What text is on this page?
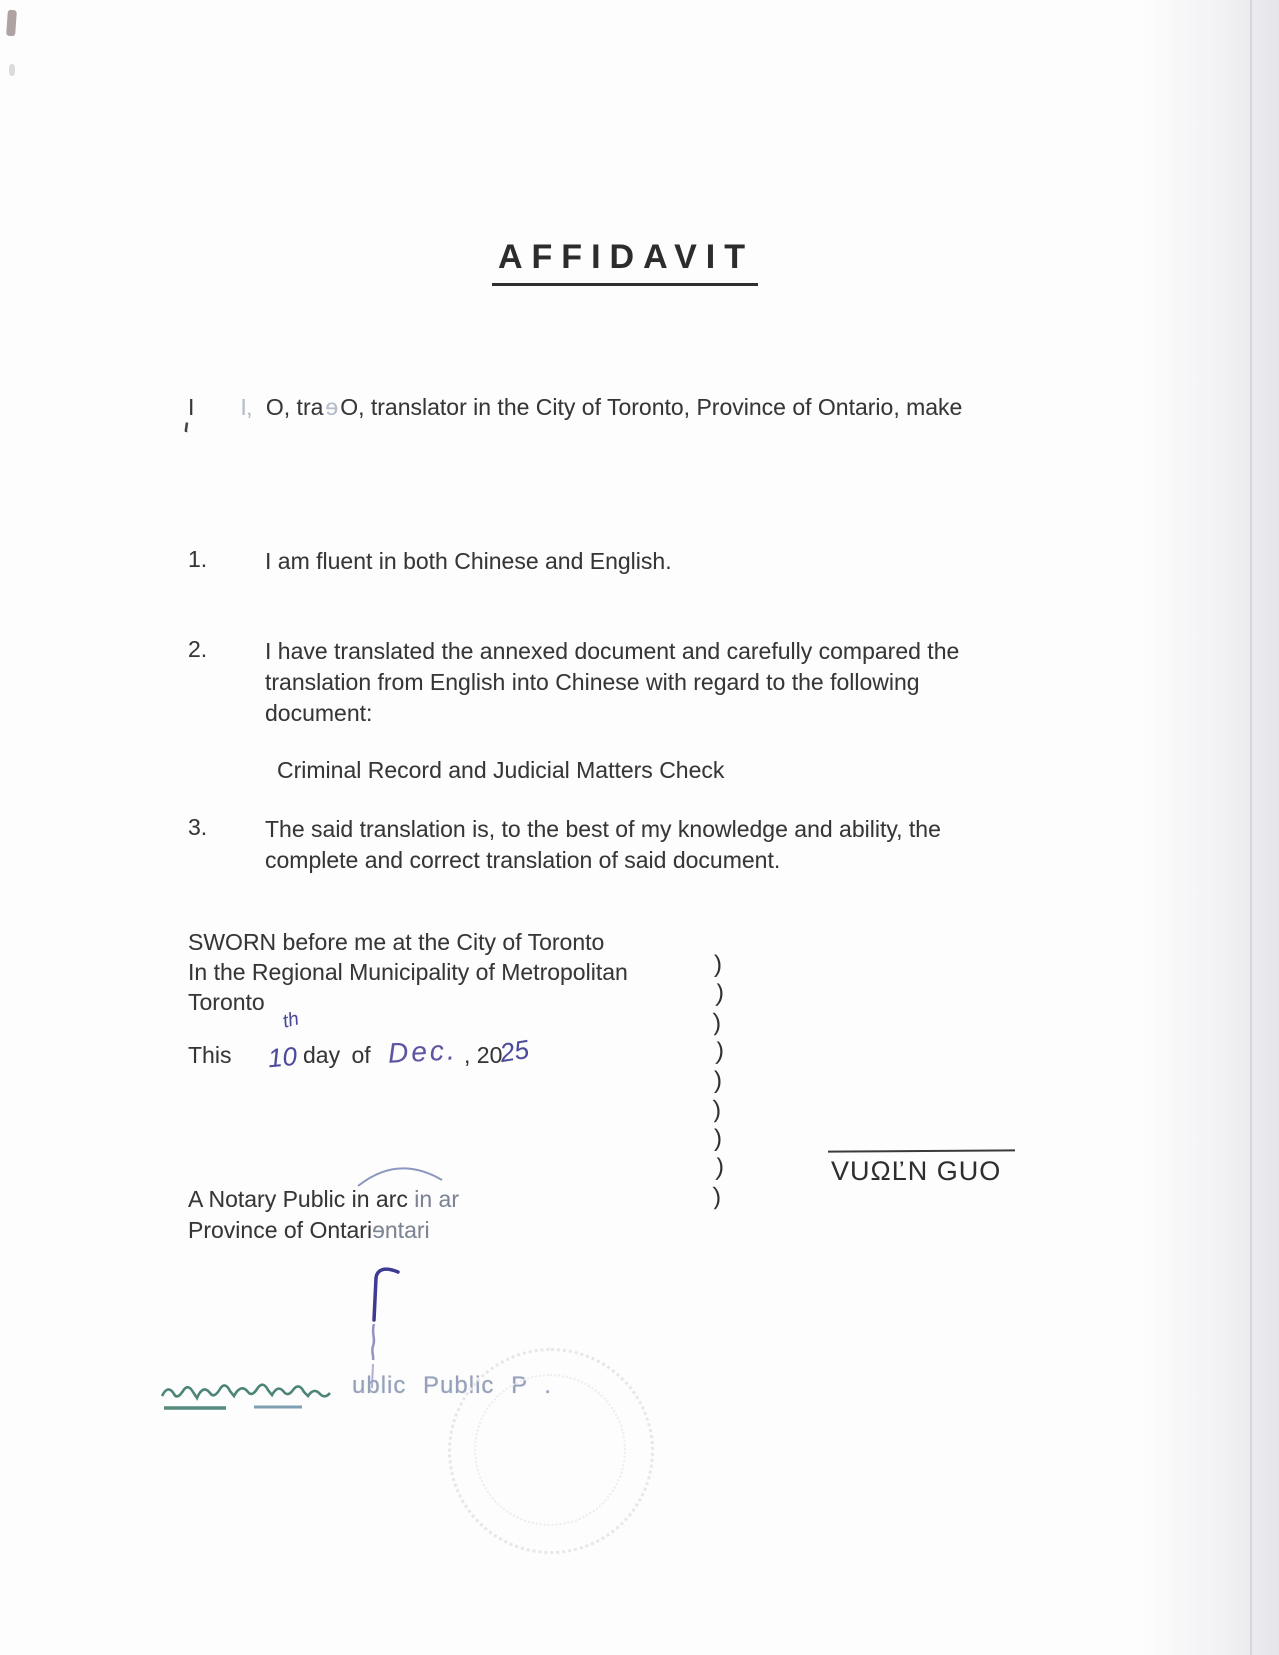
AFFIDAVIT
I I‚ O, traɘO, translator in the City of Toronto, Province of Ontario, make
ι
1.	I am fluent in both Chinese and English.
2.	I have translated the annexed document and carefully compared the
translation from English into Chinese with regard to the following
document:
Criminal Record and Judicial Matters Check
3.	The said translation is, to the best of my knowledge and ability, the
complete and correct translation of said document.
SWORN before me at the City of Toronto
In the Regional Municipality of Metropolitan
Toronto
)
)
)
)
)
)
)
)
)
This 10
th
day of Dec. , 20
25
VUΩĽN GUO
A Notary Public in arc in ar
Province of Ontariɘntari
ublic Public P .
